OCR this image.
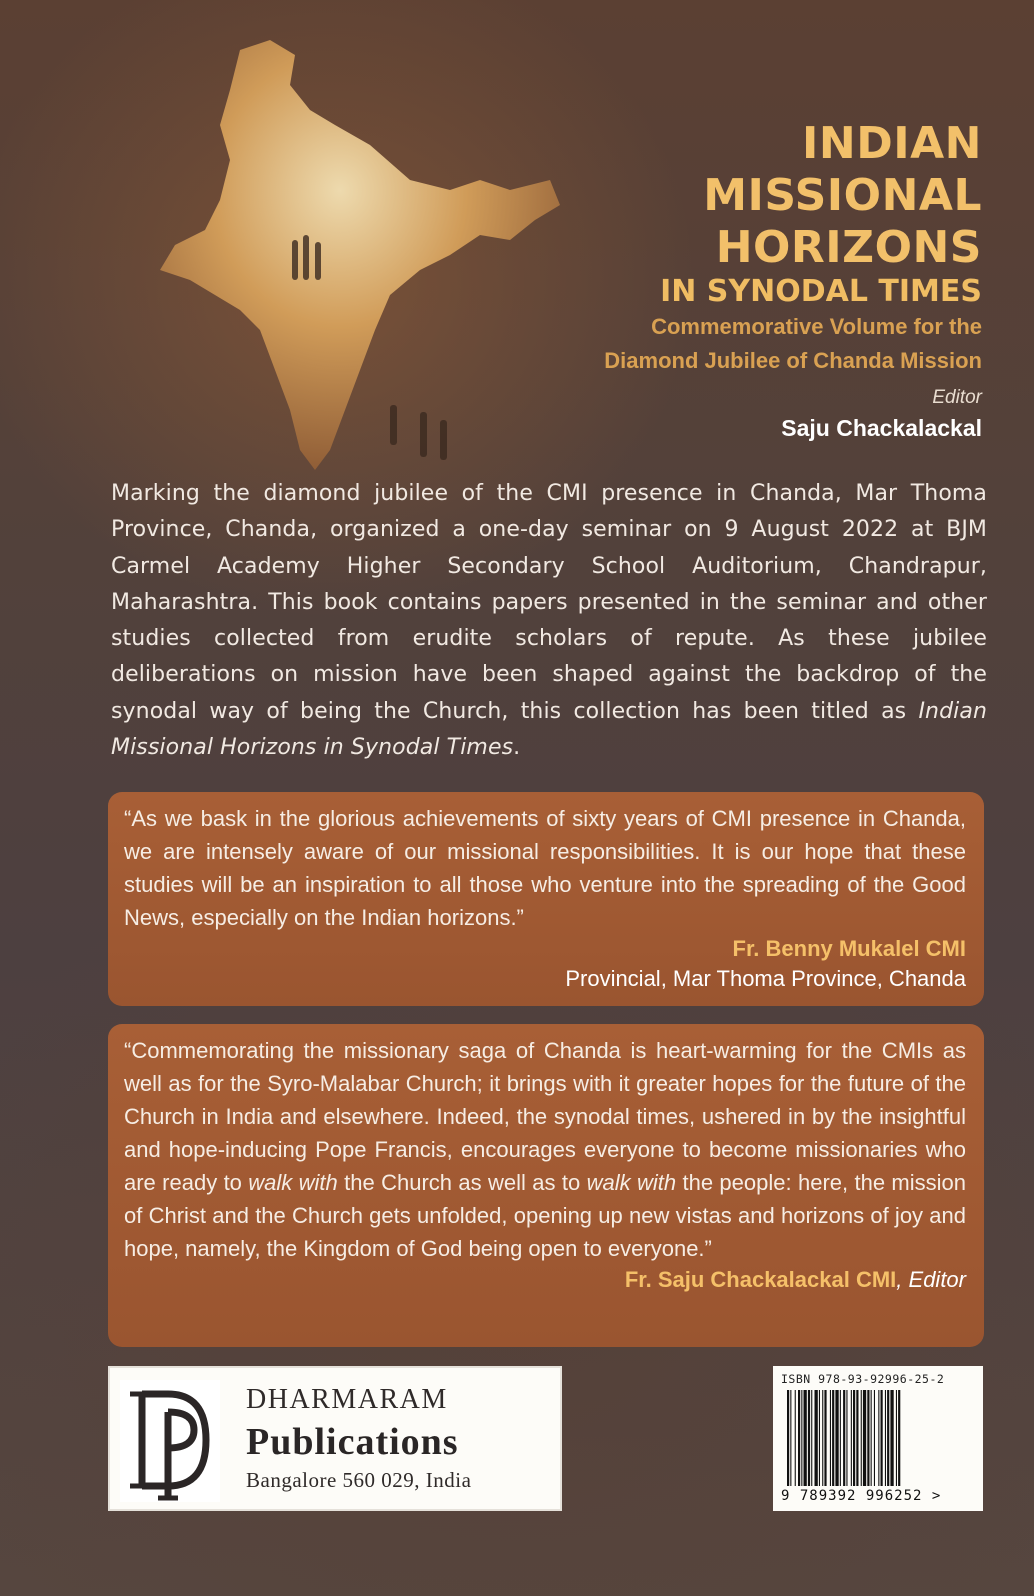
INDIAN
MISSIONAL
HORIZONS
IN SYNODAL TIMES
Commemorative Volume for the
Diamond Jubilee of Chanda Mission
Editor
Saju Chackalackal
Marking the diamond jubilee of the CMI presence in Chanda, Mar Thoma Province, Chanda, organized a one-day seminar on 9 August 2022 at BJM Carmel Academy Higher Secondary School Auditorium, Chandrapur, Maharashtra. This book contains papers presented in the seminar and other studies collected from erudite scholars of repute. As these jubilee deliberations on mission have been shaped against the backdrop of the synodal way of being the Church, this collection has been titled as Indian Missional Horizons in Synodal Times.

“As we bask in the glorious achievements of sixty years of CMI presence in Chanda, we are intensely aware of our missional responsibilities. It is our hope that these studies will be an inspiration to all those who venture into the spreading of the Good News, especially on the Indian horizons.”

Fr. Benny Mukalel CMI
Provincial, Mar Thoma Province, Chanda

“Commemorating the missionary saga of Chanda is heart-warming for the CMIs as well as for the Syro-Malabar Church; it brings with it greater hopes for the future of the Church in India and elsewhere. Indeed, the synodal times, ushered in by the insightful and hope-inducing Pope Francis, encourages everyone to become missionaries who are ready to walk with the Church as well as to walk with the people: here, the mission of Christ and the Church gets unfolded, opening up new vistas and horizons of joy and hope, namely, the Kingdom of God being open to everyone.”

Fr. Saju Chackalackal CMI, Editor
DHARMARAM
Publications
Bangalore 560 029, India
ISBN 978-93-92996-25-2
9 789392 996252 >
